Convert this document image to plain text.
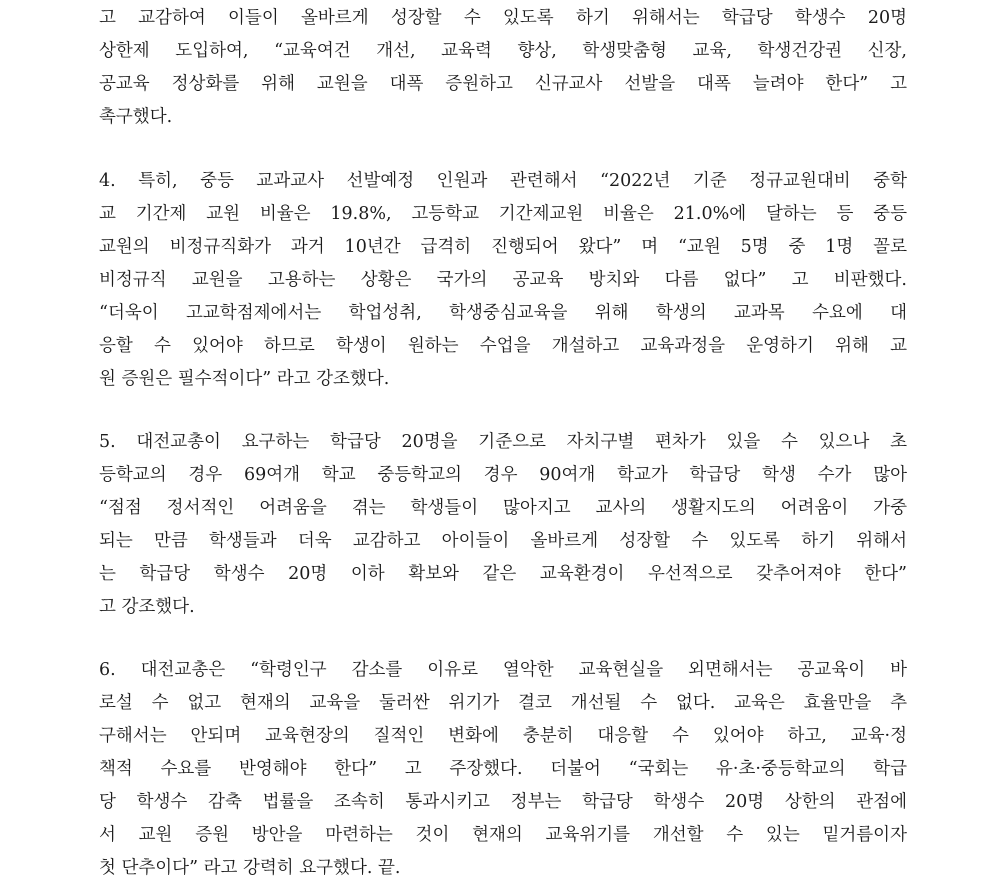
고 교감하여 이들이 올바르게 성장할 수 있도록 하기 위해서는 학급당 학생수 20명
상한제 도입하여, “교육여건 개선, 교육력 향상, 학생맞춤형 교육, 학생건강권 신장,
공교육 정상화를 위해 교원을 대폭 증원하고 신규교사 선발을 대폭 늘려야 한다” 고
촉구했다.
4. 특히, 중등 교과교사 선발예정 인원과 관련해서 “2022년 기준 정규교원대비 중학
교 기간제 교원 비율은 19.8%, 고등학교 기간제교원 비율은 21.0%에 달하는 등 중등
교원의 비정규직화가 과거 10년간 급격히 진행되어 왔다” 며 “교원 5명 중 1명 꼴로
비정규직 교원을 고용하는 상황은 국가의 공교육 방치와 다름 없다” 고 비판했다.
“더욱이 고교학점제에서는 학업성취, 학생중심교육을 위해 학생의 교과목 수요에 대
응할 수 있어야 하므로 학생이 원하는 수업을 개설하고 교육과정을 운영하기 위해 교
원 증원은 필수적이다” 라고 강조했다.
5. 대전교총이 요구하는 학급당 20명을 기준으로 자치구별 편차가 있을 수 있으나 초
등학교의 경우 69여개 학교 중등학교의 경우 90여개 학교가 학급당 학생 수가 많아
“점점 정서적인 어려움을 겪는 학생들이 많아지고 교사의 생활지도의 어려움이 가중
되는 만큼 학생들과 더욱 교감하고 아이들이 올바르게 성장할 수 있도록 하기 위해서
는 학급당 학생수 20명 이하 확보와 같은 교육환경이 우선적으로 갖추어져야 한다”
고 강조했다.
6. 대전교총은 “학령인구 감소를 이유로 열악한 교육현실을 외면해서는 공교육이 바
로설 수 없고 현재의 교육을 둘러싼 위기가 결코 개선될 수 없다. 교육은 효율만을 추
구해서는 안되며 교육현장의 질적인 변화에 충분히 대응할 수 있어야 하고, 교육·정
책적 수요를 반영해야 한다” 고 주장했다. 더불어 “국회는 유·초·중등학교의 학급
당 학생수 감축 법률을 조속히 통과시키고 정부는 학급당 학생수 20명 상한의 관점에
서 교원 증원 방안을 마련하는 것이 현재의 교육위기를 개선할 수 있는 밑거름이자
첫 단추이다” 라고 강력히 요구했다. 끝.
